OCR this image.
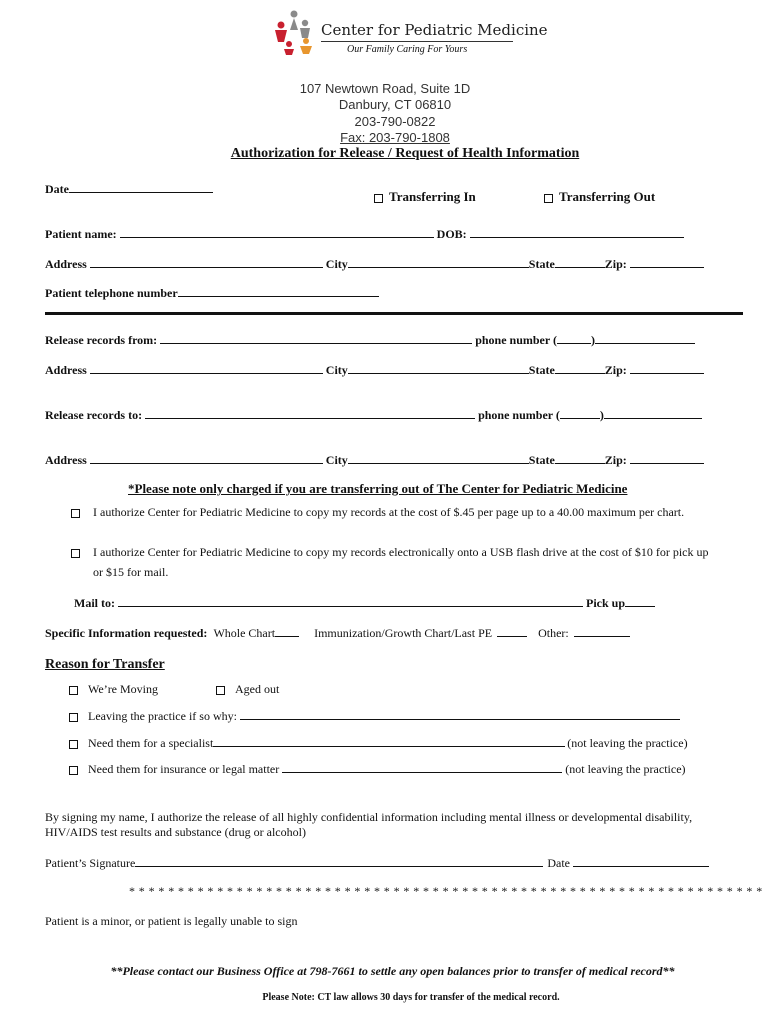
Center for Pediatric Medicine
Our Family Caring For Yours
107 Newtown Road, Suite 1D
Danbury, CT 06810
203-790-0822
Fax: 203-790-1808
Authorization for Release / Request of Health Information
Date	Transferring In	Transferring Out
Patient name:	DOB:
Address	City	State	Zip:
Patient telephone number
Release records from:	phone number (	)
Address	City	State	Zip:
Release records to:	phone number (	)
Address	City	State	Zip:
*Please note only charged if you are transferring out of The Center for Pediatric Medicine
I authorize Center for Pediatric Medicine to copy my records at the cost of $.45 per page up to a 40.00 maximum per chart.
I authorize Center for Pediatric Medicine to copy my records electronically onto a USB flash drive at the cost of $10 for pick up
or $15 for mail.
Mail to:	Pick up
Specific Information requested: Whole Chart	Immunization/Growth Chart/Last PE	Other:
Reason for Transfer
We’re Moving	Aged out
Leaving the practice if so why:
Need them for a specialist	(not leaving the practice)
Need them for insurance or legal matter	(not leaving the practice)
By signing my name, I authorize the release of all highly confidential information including mental illness or developmental disability,
HIV/AIDS test results and substance (drug or alcohol)
Patient’s Signature	Date
* * * * * * * * * * * * * * * * * * * * * * * * * * * * * * * * * * * * * * * * * * * * * * * * * * * * * * * * * * * * * * * * *
Patient is a minor, or patient is legally unable to sign
**Please contact our Business Office at 798-7661 to settle any open balances prior to transfer of medical record**
Please Note: CT law allows 30 days for transfer of the medical record.
